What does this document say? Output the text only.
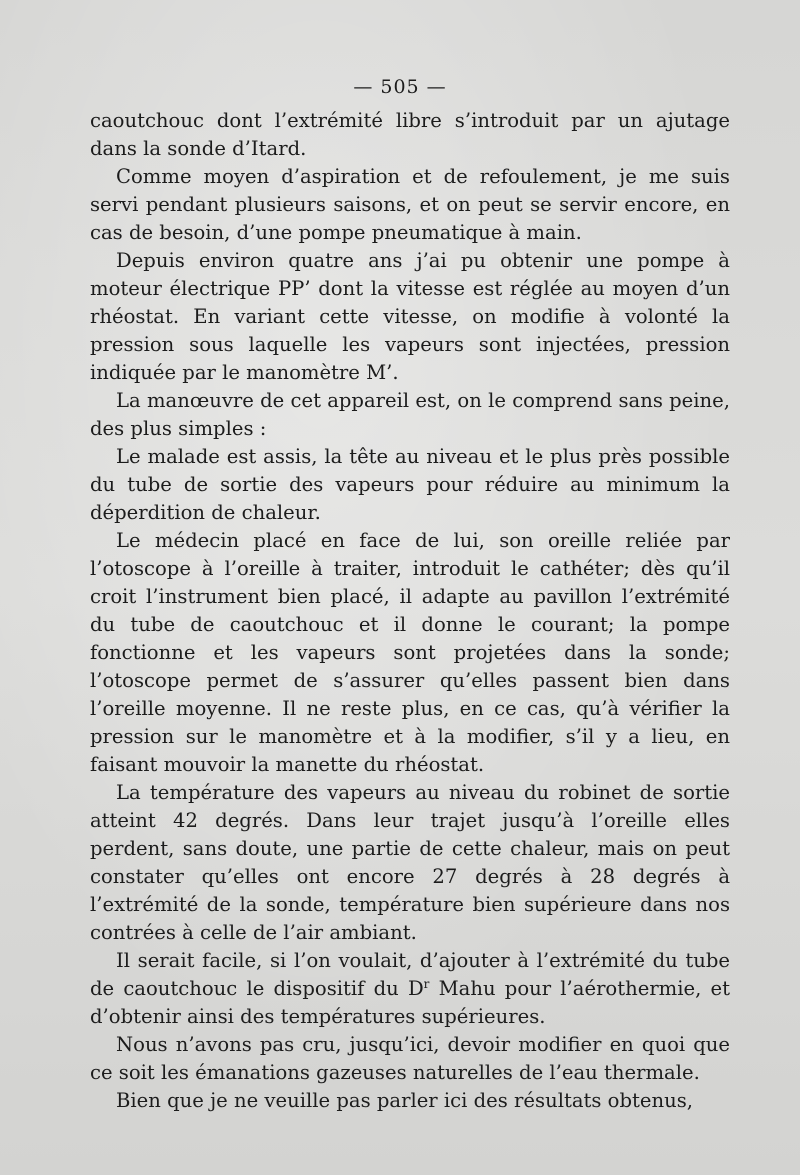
— 505 —

caoutchouc dont l’extrémité libre s’introduit par un ajutage dans la sonde d’Itard.

Comme moyen d’aspiration et de refoulement, je me suis servi pendant plusieurs saisons, et on peut se servir encore, en cas de besoin, d’une pompe pneumatique à main.

Depuis environ quatre ans j’ai pu obtenir une pompe à moteur électrique PP’ dont la vitesse est réglée au moyen d’un rhéostat. En variant cette vitesse, on modifie à volonté la pression sous laquelle les vapeurs sont injectées, pression indiquée par le manomètre M’.

La manœuvre de cet appareil est, on le comprend sans peine, des plus simples :

Le malade est assis, la tête au niveau et le plus près possible du tube de sortie des vapeurs pour réduire au minimum la déperdition de chaleur.

Le médecin placé en face de lui, son oreille reliée par l’otoscope à l’oreille à traiter, introduit le cathéter; dès qu’il croit l’instrument bien placé, il adapte au pavillon l’extrémité du tube de caoutchouc et il donne le courant; la pompe fonctionne et les vapeurs sont projetées dans la sonde; l’otoscope permet de s’assurer qu’elles passent bien dans l’oreille moyenne. Il ne reste plus, en ce cas, qu’à vérifier la pression sur le manomètre et à la modifier, s’il y a lieu, en faisant mouvoir la manette du rhéostat.

La température des vapeurs au niveau du robinet de sortie atteint 42 degrés. Dans leur trajet jusqu’à l’oreille elles perdent, sans doute, une partie de cette chaleur, mais on peut constater qu’elles ont encore 27 degrés à 28 degrés à l’extrémité de la sonde, température bien supérieure dans nos contrées à celle de l’air ambiant.

Il serait facile, si l’on voulait, d’ajouter à l’extrémité du tube de caoutchouc le dispositif du $D^r$ Mahu pour l’aérothermie, et d’obtenir ainsi des températures supérieures.

Nous n’avons pas cru, jusqu’ici, devoir modifier en quoi que ce soit les émanations gazeuses naturelles de l’eau thermale.

Bien que je ne veuille pas parler ici des résultats obtenus,
